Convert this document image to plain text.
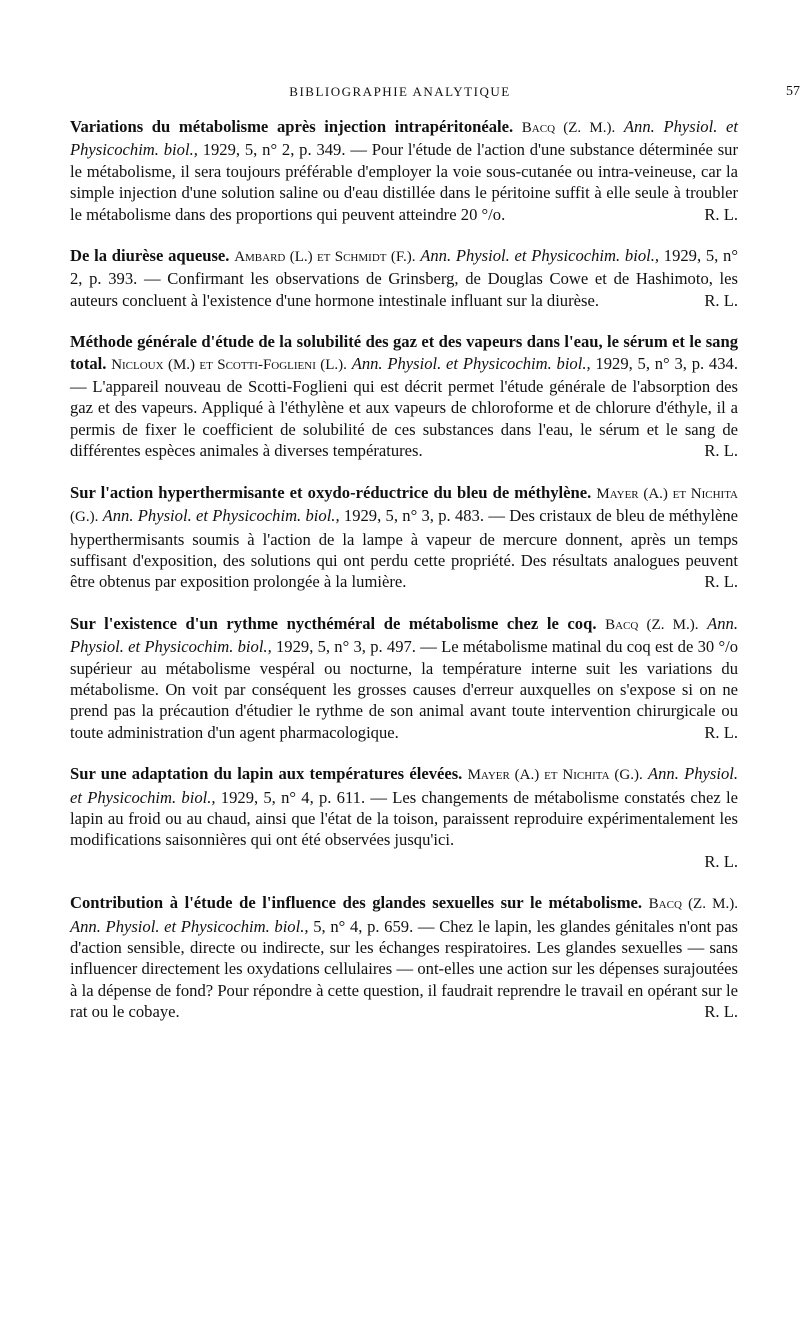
BIBLIOGRAPHIE ANALYTIQUE	57
Variations du métabolisme après injection intrapéritonéale. Bacq (Z. M.). Ann. Physiol. et Physicochim. biol., 1929, 5, n° 2, p. 349. — Pour l'étude de l'action d'une substance déterminée sur le métabolisme, il sera toujours préférable d'employer la voie sous-cutanée ou intra-veineuse, car la simple injection d'une solution saline ou d'eau distillée dans le péritoine suffit à elle seule à troubler le métabolisme dans des proportions qui peuvent atteindre 20 °/o.	R. L.
De la diurèse aqueuse. Ambard (L.) et Schmidt (F.). Ann. Physiol. et Physicochim. biol., 1929, 5, n° 2, p. 393. — Confirmant les observations de Grinsberg, de Douglas Cowe et de Hashimoto, les auteurs concluent à l'existence d'une hormone intestinale influant sur la diurèse.	R. L.
Méthode générale d'étude de la solubilité des gaz et des vapeurs dans l'eau, le sérum et le sang total. Nicloux (M.) et Scotti-Foglieni (L.). Ann. Physiol. et Physicochim. biol., 1929, 5, n° 3, p. 434. — L'appareil nouveau de Scotti-Foglieni qui est décrit permet l'étude générale de l'absorption des gaz et des vapeurs. Appliqué à l'éthylène et aux vapeurs de chloroforme et de chlorure d'éthyle, il a permis de fixer le coefficient de solubilité de ces substances dans l'eau, le sérum et le sang de différentes espèces animales à diverses températures.	R. L.
Sur l'action hyperthermisante et oxydo-réductrice du bleu de méthylène. Mayer (A.) et Nichita (G.). Ann. Physiol. et Physicochim. biol., 1929, 5, n° 3, p. 483. — Des cristaux de bleu de méthylène hyperthermisants soumis à l'action de la lampe à vapeur de mercure donnent, après un temps suffisant d'exposition, des solutions qui ont perdu cette propriété. Des résultats analogues peuvent être obtenus par exposition prolongée à la lumière.	R. L.
Sur l'existence d'un rythme nycthéméral de métabolisme chez le coq. Bacq (Z. M.). Ann. Physiol. et Physicochim. biol., 1929, 5, n° 3, p. 497. — Le métabolisme matinal du coq est de 30 °/o supérieur au métabolisme vespéral ou nocturne, la température interne suit les variations du métabolisme. On voit par conséquent les grosses causes d'erreur auxquelles on s'expose si on ne prend pas la précaution d'étudier le rythme de son animal avant toute intervention chirurgicale ou toute administration d'un agent pharmacologique.	R. L.
Sur une adaptation du lapin aux températures élevées. Mayer (A.) et Nichita (G.). Ann. Physiol. et Physicochim. biol., 1929, 5, n° 4, p. 611. — Les changements de métabolisme constatés chez le lapin au froid ou au chaud, ainsi que l'état de la toison, paraissent reproduire expérimentalement les modifications saisonnières qui ont été observées jusqu'ici.
R. L.
Contribution à l'étude de l'influence des glandes sexuelles sur le métabolisme. Bacq (Z. M.). Ann. Physiol. et Physicochim. biol., 5, n° 4, p. 659. — Chez le lapin, les glandes génitales n'ont pas d'action sensible, directe ou indirecte, sur les échanges respiratoires. Les glandes sexuelles — sans influencer directement les oxydations cellulaires — ont-elles une action sur les dépenses surajoutées à la dépense de fond? Pour répondre à cette question, il faudrait reprendre le travail en opérant sur le rat ou le cobaye.	R. L.
